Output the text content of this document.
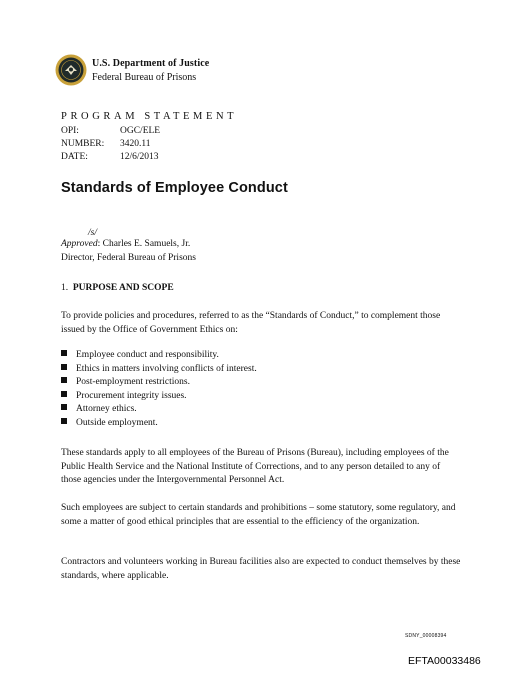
U.S. Department of Justice
Federal Bureau of Prisons
PROGRAM STATEMENT
OPI:	OGC/ELE
NUMBER: 3420.11
DATE:	12/6/2013
Standards of Employee Conduct
/s/
Approved: Charles E. Samuels, Jr.
Director, Federal Bureau of Prisons
1. PURPOSE AND SCOPE
To provide policies and procedures, referred to as the “Standards of Conduct,” to complement those issued by the Office of Government Ethics on:
Employee conduct and responsibility.
Ethics in matters involving conflicts of interest.
Post-employment restrictions.
Procurement integrity issues.
Attorney ethics.
Outside employment.
These standards apply to all employees of the Bureau of Prisons (Bureau), including employees of the Public Health Service and the National Institute of Corrections, and to any person detailed to any of those agencies under the Intergovernmental Personnel Act.
Such employees are subject to certain standards and prohibitions – some statutory, some regulatory, and some a matter of good ethical principles that are essential to the efficiency of the organization.
Contractors and volunteers working in Bureau facilities also are expected to conduct themselves by these standards, where applicable.
SDNY_00008394
EFTA00033486
